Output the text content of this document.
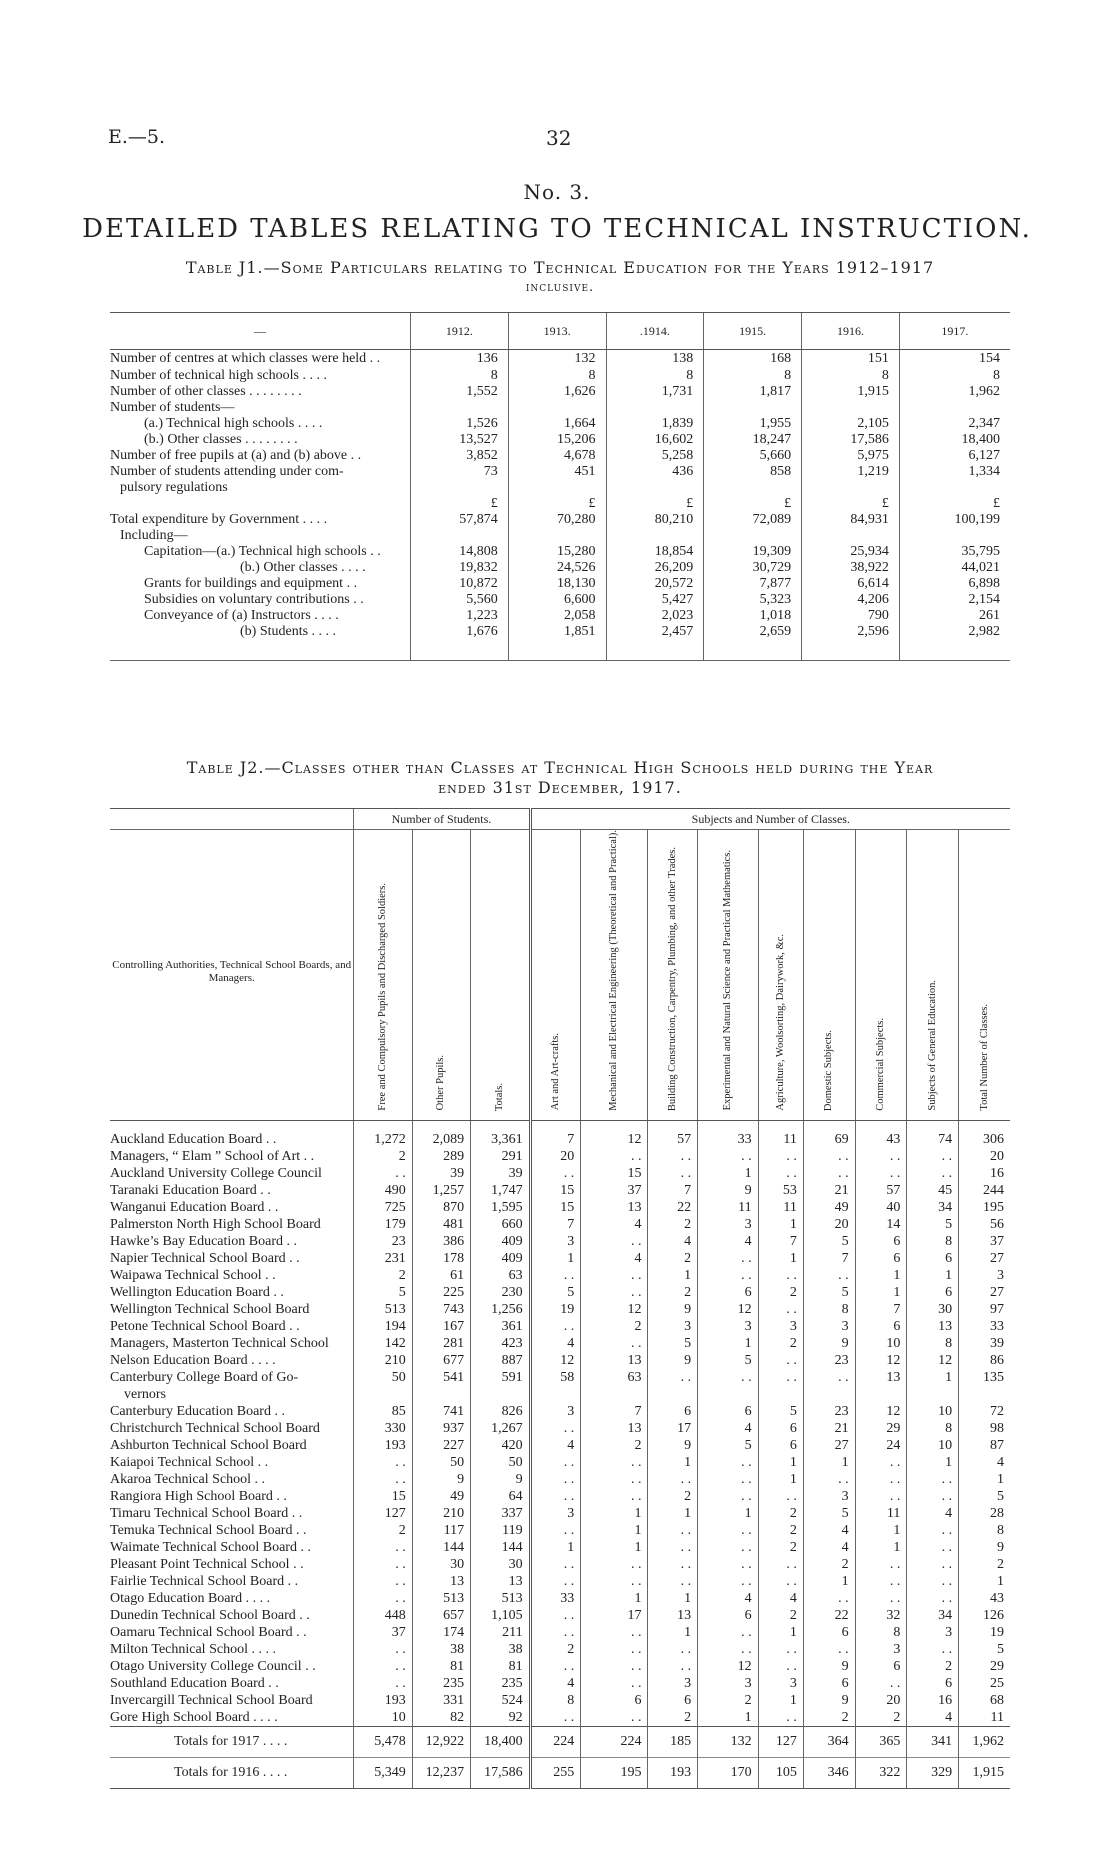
E.—5.	32
No. 3.
DETAILED TABLES RELATING TO TECHNICAL INSTRUCTION.
Table J1.—Some Particulars relating to Technical Education for the Years 1912–1917
inclusive.
—	1912.	1913.	.1914.	1915.	1916.	1917.
Number of centres at which classes were held . .	136	132	138	168	151	154
Number of technical high schools . . . .	8	8	8	8	8	8
Number of other classes . . . . . . . .	1,552	1,626	1,731	1,817	1,915	1,962
Number of students—						
(a.) Technical high schools . . . .	1,526	1,664	1,839	1,955	2,105	2,347
(b.) Other classes . . . . . . . .	13,527	15,206	16,602	18,247	17,586	18,400
Number of free pupils at (a) and (b) above . .	3,852	4,678	5,258	5,660	5,975	6,127
Number of students attending under com-	73	451	436	858	1,219	1,334
pulsory regulations						
	£	£	£	£	£	£
Total expenditure by Government . . . .	57,874	70,280	80,210	72,089	84,931	100,199
Including—						
Capitation—(a.) Technical high schools . .	14,808	15,280	18,854	19,309	25,934	35,795
(b.) Other classes . . . .	19,832	24,526	26,209	30,729	38,922	44,021
Grants for buildings and equipment . .	10,872	18,130	20,572	7,877	6,614	6,898
Subsidies on voluntary contributions . .	5,560	6,600	5,427	5,323	4,206	2,154
Conveyance of (a) Instructors . . . .	1,223	2,058	2,023	1,018	790	261
(b) Students . . . .	1,676	1,851	2,457	2,659	2,596	2,982
Table J2.—Classes other than Classes at Technical High Schools held during the Year
ended 31st December, 1917.
	Number of Students.			Subjects and Number of Classes.								
Controlling Authorities, Technical School Boards, and Managers.	Free and Compulsory Pupils and Discharged Soldiers.	Other Pupils.	Totals.	Art and Art-crafts.	Mechanical and Electrical Engineering (Theoretical and Practical).	Building Construction, Carpentry, Plumbing, and other Trades.	Experimental and Natural Science and Practical Mathematics.	Agriculture, Woolsorting, Dairywork, &c.	Domestic Subjects.	Commercial Subjects.	Subjects of General Education.	Total Number of Classes.
Auckland Education Board . .	1,272	2,089	3,361	7	12	57	33	11	69	43	74	306
Managers, “ Elam ” School of Art . .	2	289	291	20	. .	. .	. .	. .	. .	. .	. .	20
Auckland University College Council	. .	39	39	. .	15	. .	1	. .	. .	. .	. .	16
Taranaki Education Board . .	490	1,257	1,747	15	37	7	9	53	21	57	45	244
Wanganui Education Board . .	725	870	1,595	15	13	22	11	11	49	40	34	195
Palmerston North High School Board	179	481	660	7	4	2	3	1	20	14	5	56
Hawke’s Bay Education Board . .	23	386	409	3	. .	4	4	7	5	6	8	37
Napier Technical School Board . .	231	178	409	1	4	2	. .	1	7	6	6	27
Waipawa Technical School . .	2	61	63	. .	. .	1	. .	. .	. .	1	1	3
Wellington Education Board . .	5	225	230	5	. .	2	6	2	5	1	6	27
Wellington Technical School Board	513	743	1,256	19	12	9	12	. .	8	7	30	97
Petone Technical School Board . .	194	167	361	. .	2	3	3	3	3	6	13	33
Managers, Masterton Technical School	142	281	423	4	. .	5	1	2	9	10	8	39
Nelson Education Board . . . .	210	677	887	12	13	9	5	. .	23	12	12	86
Canterbury College Board of Go-	50	541	591	58	63	. .	. .	. .	. .	13	1	135
vernors												
Canterbury Education Board . .	85	741	826	3	7	6	6	5	23	12	10	72
Christchurch Technical School Board	330	937	1,267	. .	13	17	4	6	21	29	8	98
Ashburton Technical School Board	193	227	420	4	2	9	5	6	27	24	10	87
Kaiapoi Technical School . .	. .	50	50	. .	. .	1	. .	1	1	. .	1	4
Akaroa Technical School . .	. .	9	9	. .	. .	. .	. .	1	. .	. .	. .	1
Rangiora High School Board . .	15	49	64	. .	. .	2	. .	. .	3	. .	. .	5
Timaru Technical School Board . .	127	210	337	3	1	1	1	2	5	11	4	28
Temuka Technical School Board . .	2	117	119	. .	1	. .	. .	2	4	1	. .	8
Waimate Technical School Board . .	. .	144	144	1	1	. .	. .	2	4	1	. .	9
Pleasant Point Technical School . .	. .	30	30	. .	. .	. .	. .	. .	2	. .	. .	2
Fairlie Technical School Board . .	. .	13	13	. .	. .	. .	. .	. .	1	. .	. .	1
Otago Education Board . . . .	. .	513	513	33	1	1	4	4	. .	. .	. .	43
Dunedin Technical School Board . .	448	657	1,105	. .	17	13	6	2	22	32	34	126
Oamaru Technical School Board . .	37	174	211	. .	. .	1	. .	1	6	8	3	19
Milton Technical School . . . .	. .	38	38	2	. .	. .	. .	. .	. .	3	. .	5
Otago University College Council . .	. .	81	81	. .	. .	. .	12	. .	9	6	2	29
Southland Education Board . .	. .	235	235	4	. .	3	3	3	6	. .	6	25
Invercargill Technical School Board	193	331	524	8	6	6	2	1	9	20	16	68
Gore High School Board . . . .	10	82	92	. .	. .	2	1	. .	2	2	4	11
Totals for 1917 . . . .	5,478	12,922	18,400	224	224	185	132	127	364	365	341	1,962
Totals for 1916 . . . .	5,349	12,237	17,586	255	195	193	170	105	346	322	329	1,915
